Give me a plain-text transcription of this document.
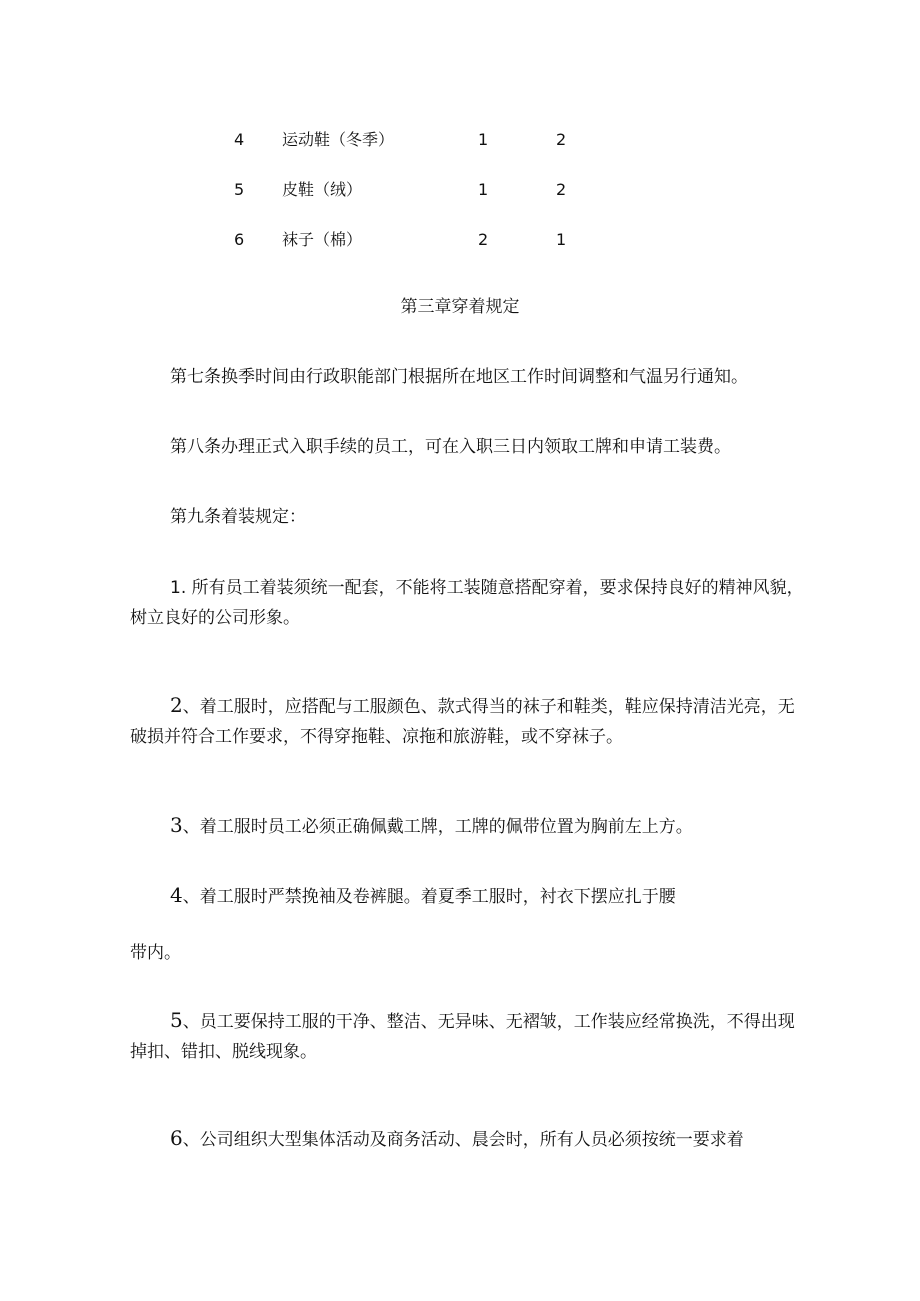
4 运动鞋（冬季）	1	2
5 皮鞋（绒）	1	2
6 袜子（棉）	2	1
第三章穿着规定

第七条换季时间由行政职能部门根据所在地区工作时间调整和气温另行通知。

第八条办理正式入职手续的员工，可在入职三日内领取工牌和申请工装费。

第九条着装规定：

1. 所有员工着装须统一配套，不能将工装随意搭配穿着，要求保持良好的精神风貌，树立良好的公司形象。

2、着工服时，应搭配与工服颜色、款式得当的袜子和鞋类，鞋应保持清洁光亮，无破损并符合工作要求，不得穿拖鞋、凉拖和旅游鞋，或不穿袜子。

3、着工服时员工必须正确佩戴工牌，工牌的佩带位置为胸前左上方。

4、着工服时严禁挽袖及卷裤腿。着夏季工服时，衬衣下摆应扎于腰

带内。

5、员工要保持工服的干净、整洁、无异味、无褶皱，工作装应经常换洗，不得出现掉扣、错扣、脱线现象。

6、公司组织大型集体活动及商务活动、晨会时，所有人员必须按统一要求着
